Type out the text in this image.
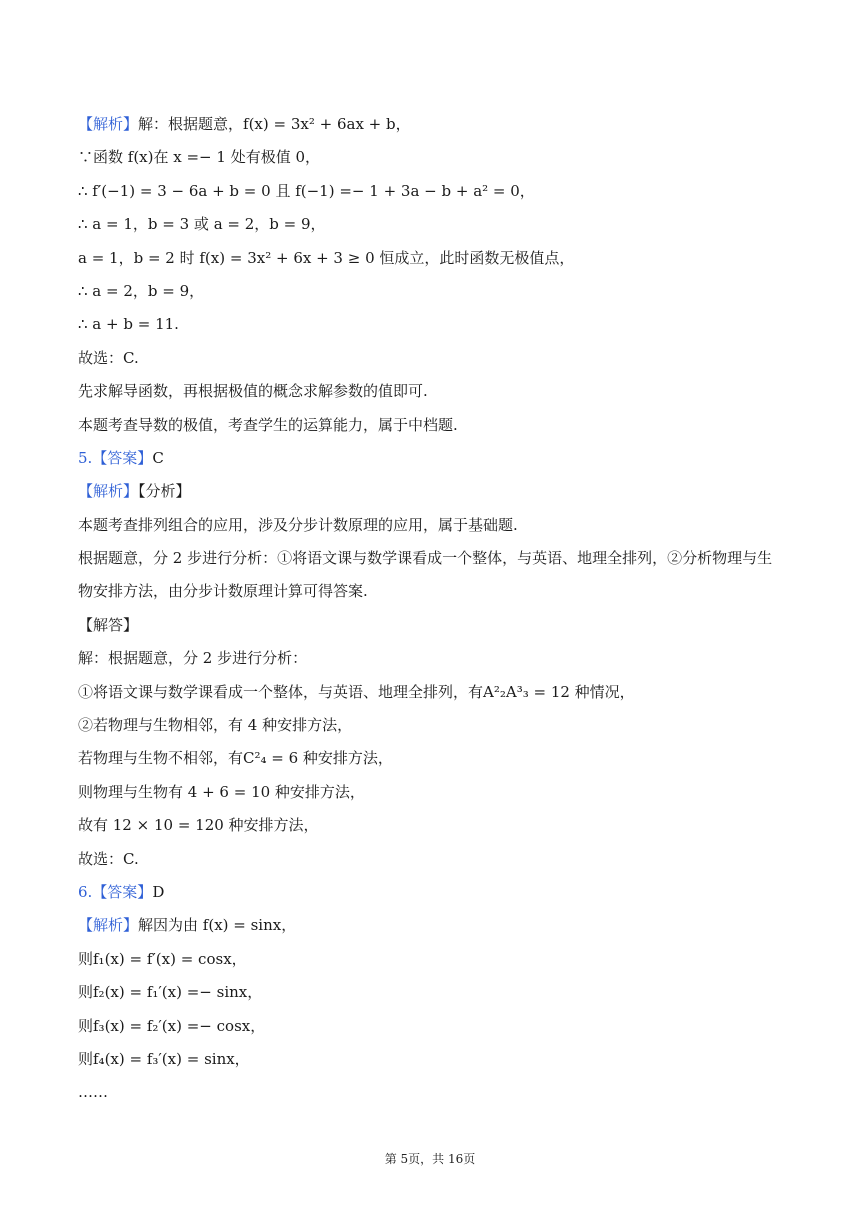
【解析】解：根据题意，f(x) = 3x² + 6ax + b，
∵函数 f(x)在 x =− 1 处有极值 0，
∴ f′(−1) = 3 − 6a + b = 0 且 f(−1) =− 1 + 3a − b + a² = 0，
∴ a = 1，b = 3 或 a = 2，b = 9，
a = 1，b = 2 时 f(x) = 3x² + 6x + 3 ≥ 0 恒成立，此时函数无极值点，
∴ a = 2，b = 9，
∴ a + b = 11.
故选：C.
先求解导函数，再根据极值的概念求解参数的值即可.
本题考查导数的极值，考查学生的运算能力，属于中档题.
5.【答案】C
【解析】【分析】
本题考查排列组合的应用，涉及分步计数原理的应用，属于基础题.
根据题意，分 2 步进行分析：①将语文课与数学课看成一个整体，与英语、地理全排列，②分析物理与生
物安排方法，由分步计数原理计算可得答案.
【解答】
解：根据题意，分 2 步进行分析：
①将语文课与数学课看成一个整体，与英语、地理全排列，有A²₂A³₃ = 12 种情况，
②若物理与生物相邻，有 4 种安排方法，
若物理与生物不相邻，有C²₄ = 6 种安排方法，
则物理与生物有 4 + 6 = 10 种安排方法，
故有 12 × 10 = 120 种安排方法，
故选：C.
6.【答案】D
【解析】解因为由 f(x) = sinx，
则f₁(x) = f′(x) = cosx，
则f₂(x) = f₁′(x) =− sinx，
则f₃(x) = f₂′(x) =− cosx，
则f₄(x) = f₃′(x) = sinx，
……
第 5页，共 16页
